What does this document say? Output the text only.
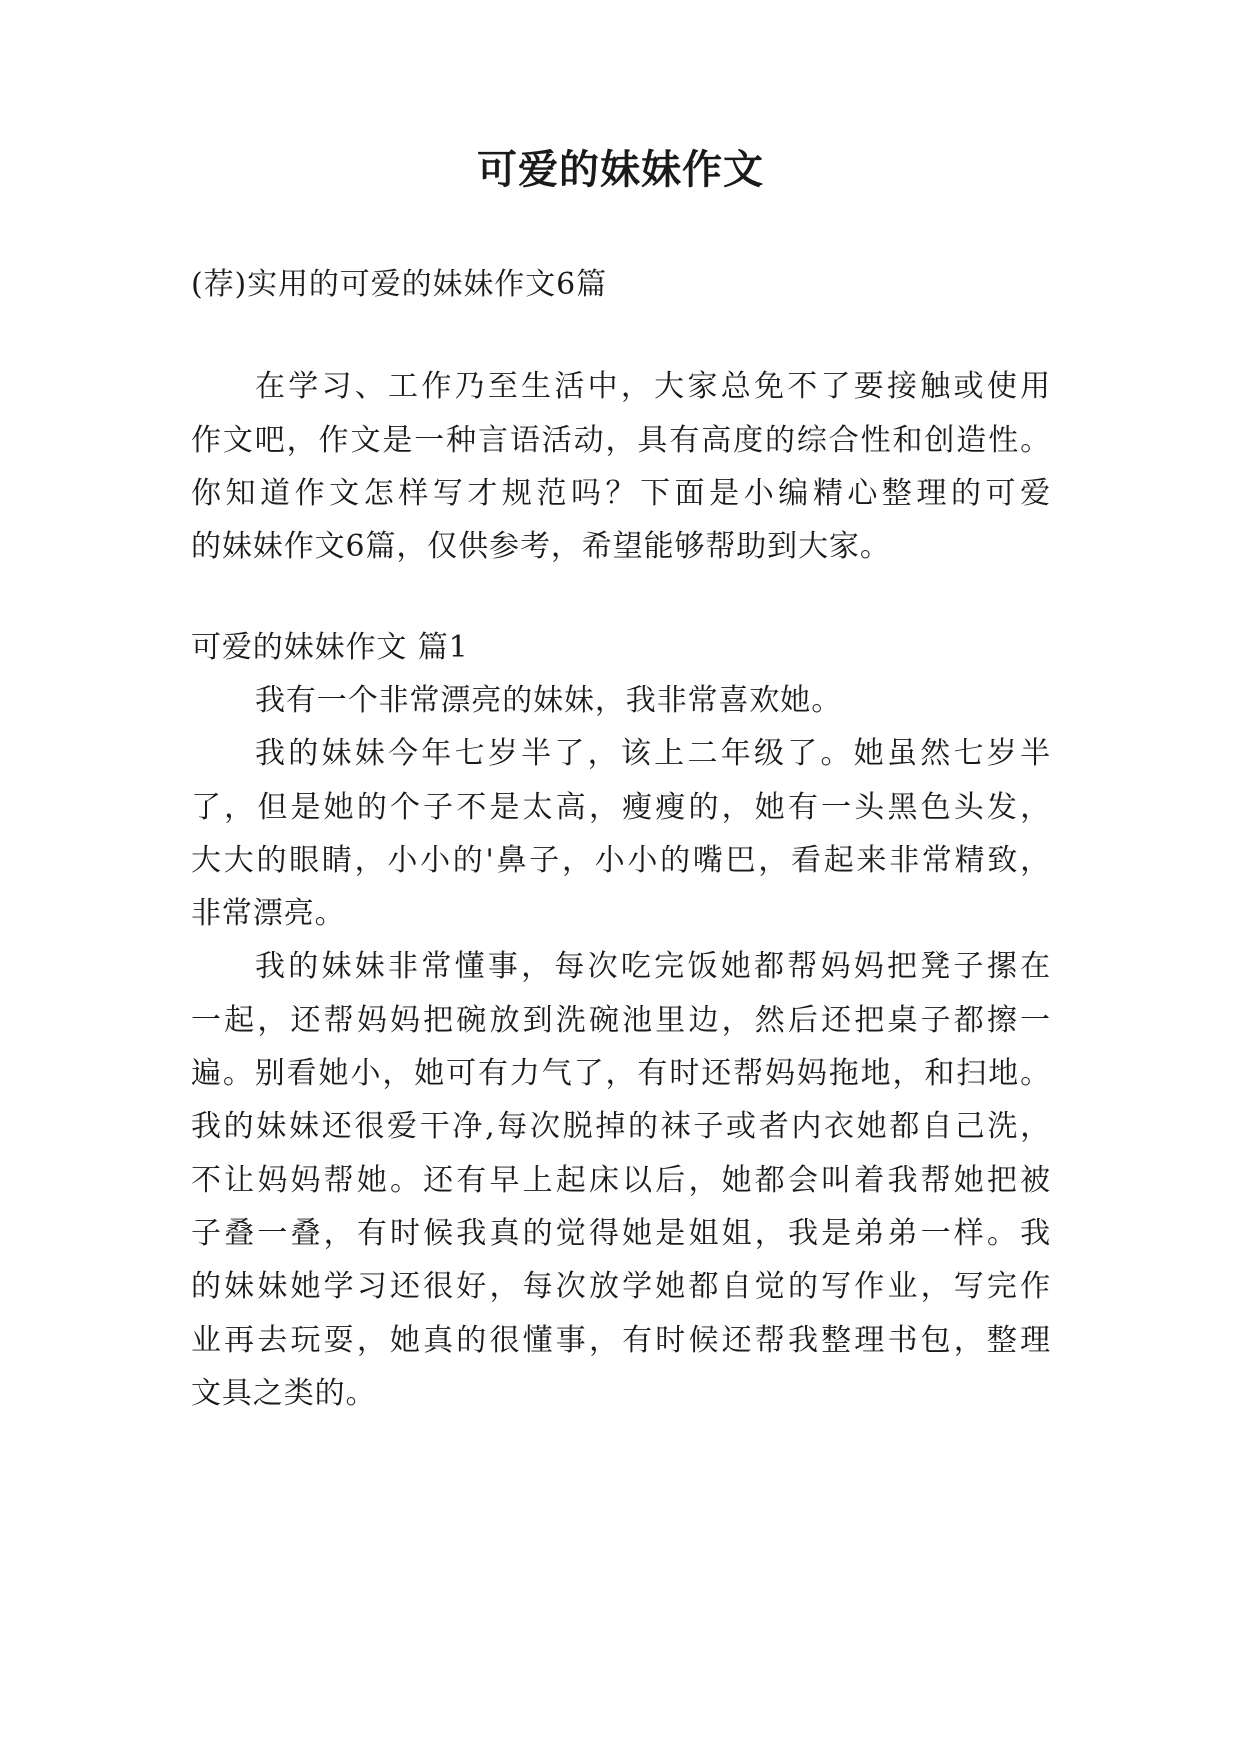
可爱的妹妹作文

(荐)实用的可爱的妹妹作文6篇

在学习、工作乃至生活中，大家总免不了要接触或使用

作文吧，作文是一种言语活动，具有高度的综合性和创造性。

你知道作文怎样写才规范吗？下面是小编精心整理的可爱

的妹妹作文6篇，仅供参考，希望能够帮助到大家。

可爱的妹妹作文 篇1

我有一个非常漂亮的妹妹，我非常喜欢她。

我的妹妹今年七岁半了，该上二年级了。她虽然七岁半

了，但是她的个子不是太高，瘦瘦的，她有一头黑色头发，

大大的眼睛，小小的'鼻子，小小的嘴巴，看起来非常精致，

非常漂亮。

我的妹妹非常懂事，每次吃完饭她都帮妈妈把凳子摞在

一起，还帮妈妈把碗放到洗碗池里边，然后还把桌子都擦一

遍。别看她小，她可有力气了，有时还帮妈妈拖地，和扫地。

我的妹妹还很爱干净,每次脱掉的袜子或者内衣她都自己洗，

不让妈妈帮她。还有早上起床以后，她都会叫着我帮她把被

子叠一叠，有时候我真的觉得她是姐姐，我是弟弟一样。我

的妹妹她学习还很好，每次放学她都自觉的写作业，写完作

业再去玩耍，她真的很懂事，有时候还帮我整理书包，整理

文具之类的。
